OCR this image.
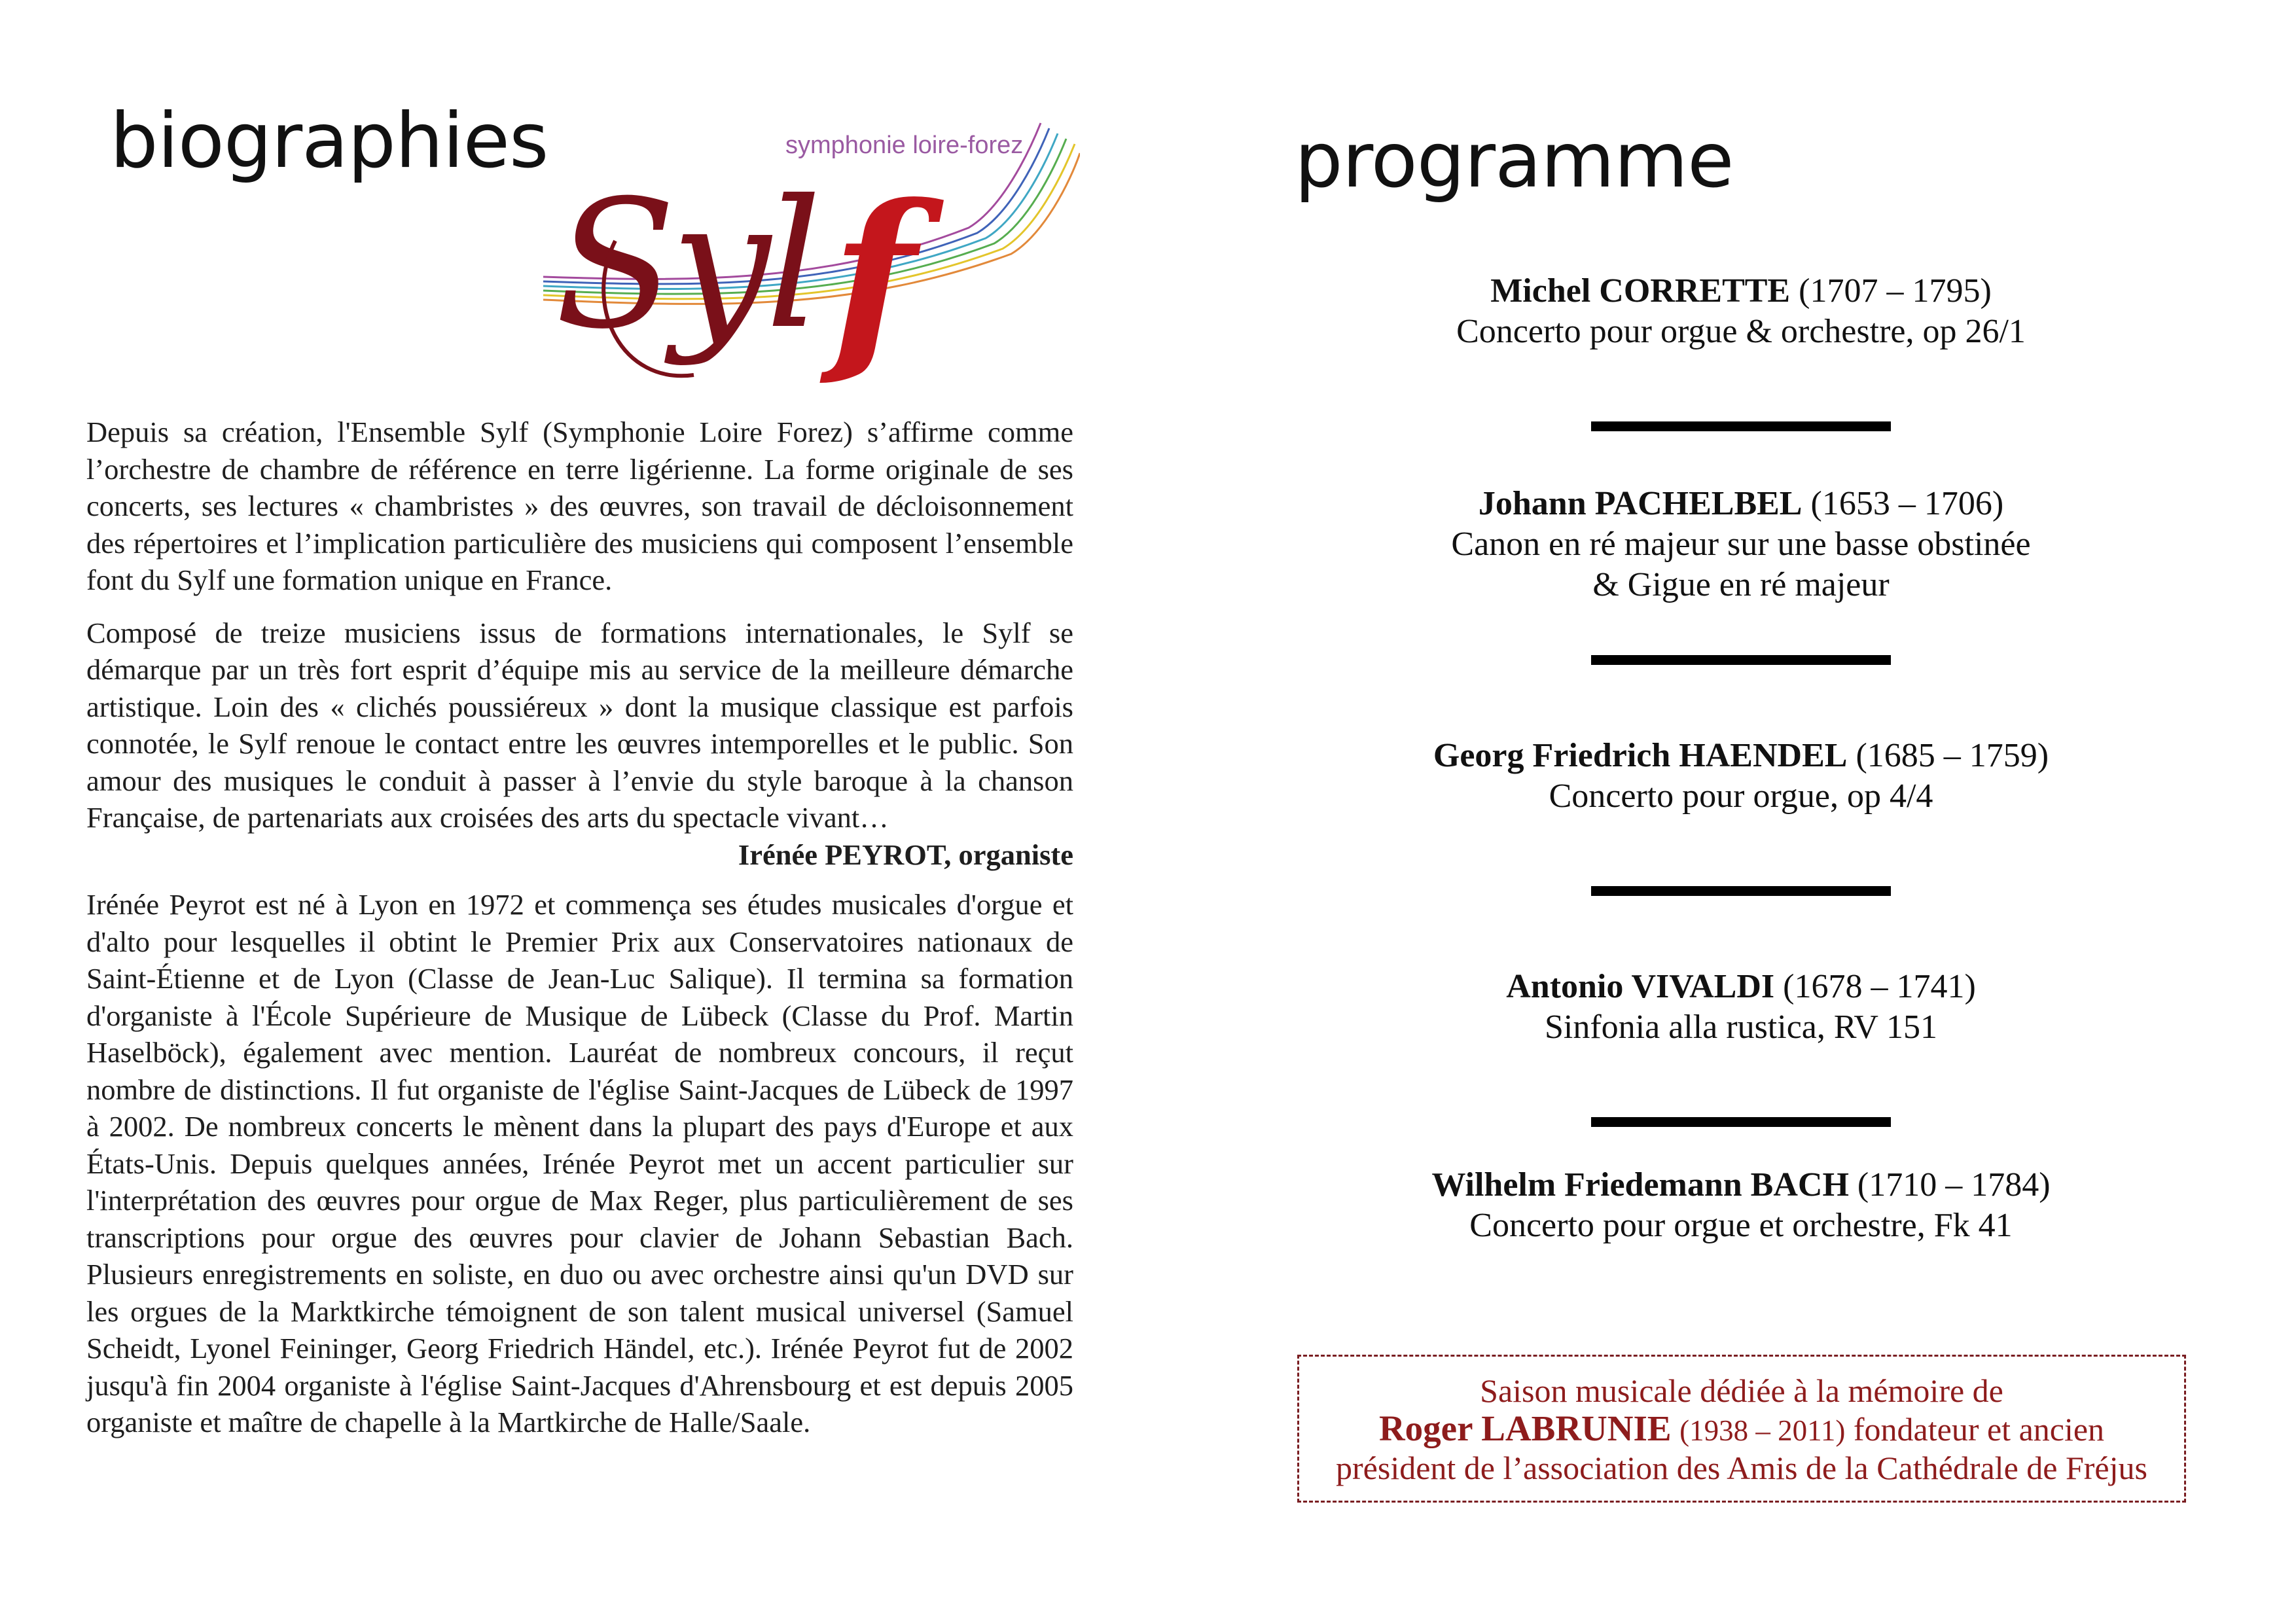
biographies	symphonie loire-forez
Syl f

Depuis sa création, l'Ensemble Sylf (Symphonie Loire Forez) s’affirme comme l’orchestre de chambre de référence en terre ligérienne. La forme originale de ses concerts, ses lectures « chambristes » des œuvres, son travail de décloisonnement des répertoires et l’implication particulière des musiciens qui composent l’ensemble font du Sylf une formation unique en France.

Composé de treize musiciens issus de formations internationales, le Sylf se démarque par un très fort esprit d’équipe mis au service de la meilleure démarche artistique. Loin des « clichés poussiéreux » dont la musique classique est parfois connotée, le Sylf renoue le contact entre les œuvres intemporelles et le public. Son amour des musiques le conduit à passer à l’envie du style baroque à la chanson Française, de partenariats aux croisées des arts du spectacle vivant…

Irénée PEYROT, organiste

Irénée Peyrot est né à Lyon en 1972 et commença ses études musicales d'orgue et d'alto pour lesquelles il obtint le Premier Prix aux Conservatoires nationaux de Saint-Étienne et de Lyon (Classe de Jean-Luc Salique). Il termina sa formation d'organiste à l'École Supérieure de Musique de Lübeck (Classe du Prof. Martin Haselböck), également avec mention. Lauréat de nombreux concours, il reçut nombre de distinctions. Il fut organiste de l'église Saint-Jacques de Lübeck de 1997 à 2002. De nombreux concerts le mènent dans la plupart des pays d'Europe et aux États-Unis. Depuis quelques années, Irénée Peyrot met un accent particulier sur l'interprétation des œuvres pour orgue de Max Reger, plus particulièrement de ses transcriptions pour orgue des œuvres pour clavier de Johann Sebastian Bach. Plusieurs enregistrements en soliste, en duo ou avec orchestre ainsi qu'un DVD sur les orgues de la Marktkirche témoignent de son talent musical universel (Samuel Scheidt, Lyonel Feininger, Georg Friedrich Händel, etc.). Irénée Peyrot fut de 2002 jusqu'à fin 2004 organiste à l'église Saint-Jacques d'Ahrensbourg et est depuis 2005 organiste et maître de chapelle à la Martkirche de Halle/Saale.

programme
Michel CORRETTE (1707 – 1795)
Concerto pour orgue & orchestre, op 26/1
Johann PACHELBEL (1653 – 1706)
Canon en ré majeur sur une basse obstinée
& Gigue en ré majeur
Georg Friedrich HAENDEL (1685 – 1759)
Concerto pour orgue, op 4/4
Antonio VIVALDI (1678 – 1741)
Sinfonia alla rustica, RV 151
Wilhelm Friedemann BACH (1710 – 1784)
Concerto pour orgue et orchestre, Fk 41
Saison musicale dédiée à la mémoire de
Roger LABRUNIE (1938 – 2011) fondateur et ancien
président de l’association des Amis de la Cathédrale de Fréjus
